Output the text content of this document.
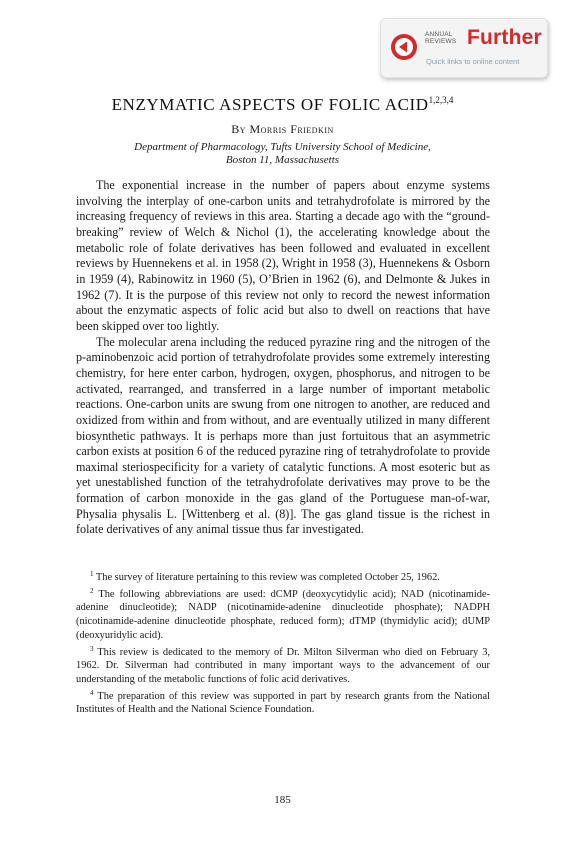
ANNUAL
REVIEWS Further
Quick links to online content
ENZYMATIC ASPECTS OF FOLIC ACID$^{1,2,3,4}$
By Morris Friedkin
Department of Pharmacology, Tufts University School of Medicine,
Boston 11, Massachusetts

The exponential increase in the number of papers about enzyme systems involving the interplay of one-carbon units and tetrahydrofolate is mirrored by the increasing frequency of reviews in this area. Starting a decade ago with the “ground-breaking” review of Welch & Nichol (1), the accelerating knowledge about the metabolic role of folate derivatives has been followed and evaluated in excellent reviews by Huennekens et al. in 1958 (2), Wright in 1958 (3), Huennekens & Osborn in 1959 (4), Rabinowitz in 1960 (5), O’Brien in 1962 (6), and Delmonte & Jukes in 1962 (7). It is the purpose of this review not only to record the newest information about the enzymatic aspects of folic acid but also to dwell on reactions that have been skipped over too lightly.

The molecular arena including the reduced pyrazine ring and the nitrogen of the p-aminobenzoic acid portion of tetrahydrofolate provides some extremely interesting chemistry, for here enter carbon, hydrogen, oxygen, phosphorus, and nitrogen to be activated, rearranged, and transferred in a large number of important metabolic reactions. One-carbon units are swung from one nitrogen to another, are reduced and oxidized from within and from without, and are eventually utilized in many different biosynthetic pathways. It is perhaps more than just fortuitous that an asymmetric carbon exists at position 6 of the reduced pyrazine ring of tetrahydrofolate to provide maximal steriospecificity for a variety of catalytic functions. A most esoteric but as yet unestablished function of the tetrahydrofolate derivatives may prove to be the formation of carbon monoxide in the gas gland of the Portuguese man-of-war, Physalia physalis L. [Wittenberg et al. (8)]. The gas gland tissue is the richest in folate derivatives of any animal tissue thus far investigated.

$^1$ The survey of literature pertaining to this review was completed October 25, 1962.

$^2$ The following abbreviations are used: dCMP (deoxycytidylic acid); NAD (nicotinamide-adenine dinucleotide); NADP (nicotinamide-adenine dinucleotide phosphate); NADPH (nicotinamide-adenine dinucleotide phosphate, reduced form); dTMP (thymidylic acid); dUMP (deoxyuridylic acid).

$^3$ This review is dedicated to the memory of Dr. Milton Silverman who died on February 3, 1962. Dr. Silverman had contributed in many important ways to the advancement of our understanding of the metabolic functions of folic acid derivatives.

$^4$ The preparation of this review was supported in part by research grants from the National Institutes of Health and the National Science Foundation.

185
